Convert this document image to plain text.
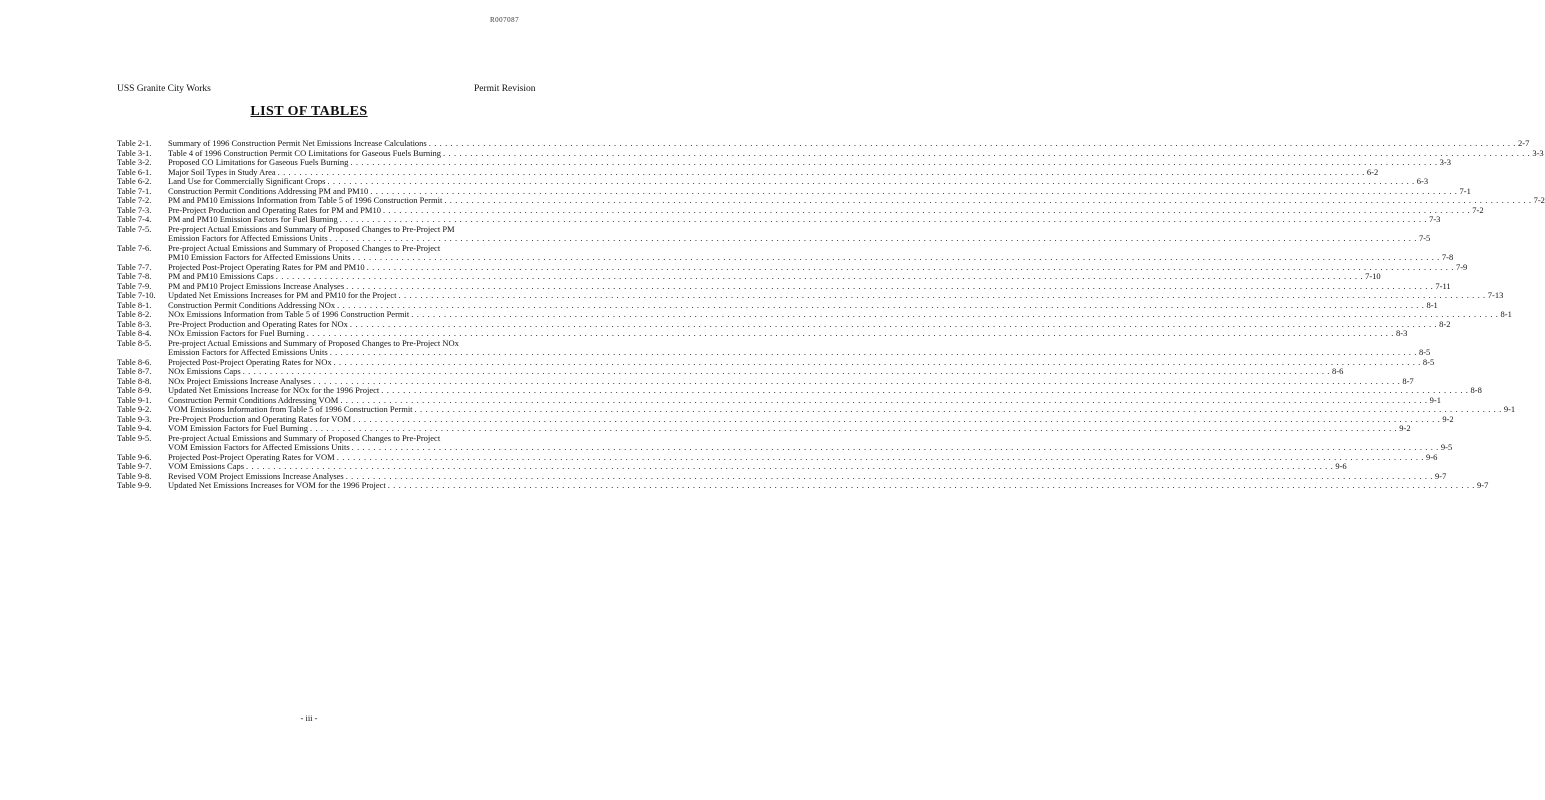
R007087
USS Granite City Works	Permit Revision
LIST OF TABLES
Table 2-1.	Summary of 1996 Construction Permit Net Emissions Increase Calculations . . . . . . . . . . . . . . . . . . . . . . . . . . . . . . . . . . . . . . . . . . . . . . . . . . . . . . . . . . . . . . . . . . . . . . . . . . . . . . . . . . . . . . . . . . . . . . . . . . . . . . . . . . . . . . . . . . . . . . . . . . . . . . . . . . . . . . . . . . . . . . . . . . . . . . . . . . . . . . . . . . . . . . . . . . . . . . . . . . . . . . . . . . . . . . . . . . . . . . . . 2-7
Table 3-1.	Table 4 of 1996 Construction Permit CO Limitations for Gaseous Fuels Burning . . . . . . . . . . . . . . . . . . . . . . . . . . . . . . . . . . . . . . . . . . . . . . . . . . . . . . . . . . . . . . . . . . . . . . . . . . . . . . . . . . . . . . . . . . . . . . . . . . . . . . . . . . . . . . . . . . . . . . . . . . . . . . . . . . . . . . . . . . . . . . . . . . . . . . . . . . . . . . . . . . . . . . . . . . . . . . . . . . . . . . . . . . . . . . . . . . . . . . . . 3-3
Table 3-2.	Proposed CO Limitations for Gaseous Fuels Burning . . . . . . . . . . . . . . . . . . . . . . . . . . . . . . . . . . . . . . . . . . . . . . . . . . . . . . . . . . . . . . . . . . . . . . . . . . . . . . . . . . . . . . . . . . . . . . . . . . . . . . . . . . . . . . . . . . . . . . . . . . . . . . . . . . . . . . . . . . . . . . . . . . . . . . . . . . . . . . . . . . . . . . . . . . . . . . . . . . . . . . . . . . . . . . . . . . . . . . . . 3-3
Table 6-1.	Major Soil Types in Study Area . . . . . . . . . . . . . . . . . . . . . . . . . . . . . . . . . . . . . . . . . . . . . . . . . . . . . . . . . . . . . . . . . . . . . . . . . . . . . . . . . . . . . . . . . . . . . . . . . . . . . . . . . . . . . . . . . . . . . . . . . . . . . . . . . . . . . . . . . . . . . . . . . . . . . . . . . . . . . . . . . . . . . . . . . . . . . . . . . . . . . . . . . . . . . . . . . . . . . . . . 6-2
Table 6-2.	Land Use for Commercially Significant Crops . . . . . . . . . . . . . . . . . . . . . . . . . . . . . . . . . . . . . . . . . . . . . . . . . . . . . . . . . . . . . . . . . . . . . . . . . . . . . . . . . . . . . . . . . . . . . . . . . . . . . . . . . . . . . . . . . . . . . . . . . . . . . . . . . . . . . . . . . . . . . . . . . . . . . . . . . . . . . . . . . . . . . . . . . . . . . . . . . . . . . . . . . . . . . . . . . . . . . . . . 6-3
Table 7-1.	Construction Permit Conditions Addressing PM and PM10 . . . . . . . . . . . . . . . . . . . . . . . . . . . . . . . . . . . . . . . . . . . . . . . . . . . . . . . . . . . . . . . . . . . . . . . . . . . . . . . . . . . . . . . . . . . . . . . . . . . . . . . . . . . . . . . . . . . . . . . . . . . . . . . . . . . . . . . . . . . . . . . . . . . . . . . . . . . . . . . . . . . . . . . . . . . . . . . . . . . . . . . . . . . . . . . . . . . . . . . . 7-1
Table 7-2.	PM and PM10 Emissions Information from Table 5 of 1996 Construction Permit . . . . . . . . . . . . . . . . . . . . . . . . . . . . . . . . . . . . . . . . . . . . . . . . . . . . . . . . . . . . . . . . . . . . . . . . . . . . . . . . . . . . . . . . . . . . . . . . . . . . . . . . . . . . . . . . . . . . . . . . . . . . . . . . . . . . . . . . . . . . . . . . . . . . . . . . . . . . . . . . . . . . . . . . . . . . . . . . . . . . . . . . . . . . . . . . . . . . . . . . 7-2
Table 7-3.	Pre-Project Production and Operating Rates for PM and PM10 . . . . . . . . . . . . . . . . . . . . . . . . . . . . . . . . . . . . . . . . . . . . . . . . . . . . . . . . . . . . . . . . . . . . . . . . . . . . . . . . . . . . . . . . . . . . . . . . . . . . . . . . . . . . . . . . . . . . . . . . . . . . . . . . . . . . . . . . . . . . . . . . . . . . . . . . . . . . . . . . . . . . . . . . . . . . . . . . . . . . . . . . . . . . . . . . . . . . . . . . 7-2
Table 7-4.	PM and PM10 Emission Factors for Fuel Burning . . . . . . . . . . . . . . . . . . . . . . . . . . . . . . . . . . . . . . . . . . . . . . . . . . . . . . . . . . . . . . . . . . . . . . . . . . . . . . . . . . . . . . . . . . . . . . . . . . . . . . . . . . . . . . . . . . . . . . . . . . . . . . . . . . . . . . . . . . . . . . . . . . . . . . . . . . . . . . . . . . . . . . . . . . . . . . . . . . . . . . . . . . . . . . . . . . . . . . . . 7-3
Table 7-5.	Pre-project Actual Emissions and Summary of Proposed Changes to Pre-Project PM
Emission Factors for Affected Emissions Units . . . . . . . . . . . . . . . . . . . . . . . . . . . . . . . . . . . . . . . . . . . . . . . . . . . . . . . . . . . . . . . . . . . . . . . . . . . . . . . . . . . . . . . . . . . . . . . . . . . . . . . . . . . . . . . . . . . . . . . . . . . . . . . . . . . . . . . . . . . . . . . . . . . . . . . . . . . . . . . . . . . . . . . . . . . . . . . . . . . . . . . . . . . . . . . . . . . . . . . . 7-5
Table 7-6.	Pre-project Actual Emissions and Summary of Proposed Changes to Pre-Project
PM10 Emission Factors for Affected Emissions Units . . . . . . . . . . . . . . . . . . . . . . . . . . . . . . . . . . . . . . . . . . . . . . . . . . . . . . . . . . . . . . . . . . . . . . . . . . . . . . . . . . . . . . . . . . . . . . . . . . . . . . . . . . . . . . . . . . . . . . . . . . . . . . . . . . . . . . . . . . . . . . . . . . . . . . . . . . . . . . . . . . . . . . . . . . . . . . . . . . . . . . . . . . . . . . . . . . . . . . . . 7-8
Table 7-7.	Projected Post-Project Operating Rates for PM and PM10 . . . . . . . . . . . . . . . . . . . . . . . . . . . . . . . . . . . . . . . . . . . . . . . . . . . . . . . . . . . . . . . . . . . . . . . . . . . . . . . . . . . . . . . . . . . . . . . . . . . . . . . . . . . . . . . . . . . . . . . . . . . . . . . . . . . . . . . . . . . . . . . . . . . . . . . . . . . . . . . . . . . . . . . . . . . . . . . . . . . . . . . . . . . . . . . . . . . . . . . . 7-9
Table 7-8.	PM and PM10 Emissions Caps . . . . . . . . . . . . . . . . . . . . . . . . . . . . . . . . . . . . . . . . . . . . . . . . . . . . . . . . . . . . . . . . . . . . . . . . . . . . . . . . . . . . . . . . . . . . . . . . . . . . . . . . . . . . . . . . . . . . . . . . . . . . . . . . . . . . . . . . . . . . . . . . . . . . . . . . . . . . . . . . . . . . . . . . . . . . . . . . . . . . . . . . . . . . . . . . . . . . . . . . 7-10
Table 7-9.	PM and PM10 Project Emissions Increase Analyses . . . . . . . . . . . . . . . . . . . . . . . . . . . . . . . . . . . . . . . . . . . . . . . . . . . . . . . . . . . . . . . . . . . . . . . . . . . . . . . . . . . . . . . . . . . . . . . . . . . . . . . . . . . . . . . . . . . . . . . . . . . . . . . . . . . . . . . . . . . . . . . . . . . . . . . . . . . . . . . . . . . . . . . . . . . . . . . . . . . . . . . . . . . . . . . . . . . . . . . . 7-11
Table 7-10.	Updated Net Emissions Increases for PM and PM10 for the Project . . . . . . . . . . . . . . . . . . . . . . . . . . . . . . . . . . . . . . . . . . . . . . . . . . . . . . . . . . . . . . . . . . . . . . . . . . . . . . . . . . . . . . . . . . . . . . . . . . . . . . . . . . . . . . . . . . . . . . . . . . . . . . . . . . . . . . . . . . . . . . . . . . . . . . . . . . . . . . . . . . . . . . . . . . . . . . . . . . . . . . . . . . . . . . . . . . . . . . . . 7-13
Table 8-1.	Construction Permit Conditions Addressing NOx . . . . . . . . . . . . . . . . . . . . . . . . . . . . . . . . . . . . . . . . . . . . . . . . . . . . . . . . . . . . . . . . . . . . . . . . . . . . . . . . . . . . . . . . . . . . . . . . . . . . . . . . . . . . . . . . . . . . . . . . . . . . . . . . . . . . . . . . . . . . . . . . . . . . . . . . . . . . . . . . . . . . . . . . . . . . . . . . . . . . . . . . . . . . . . . . . . . . . . . . 8-1
Table 8-2.	NOx Emissions Information from Table 5 of 1996 Construction Permit . . . . . . . . . . . . . . . . . . . . . . . . . . . . . . . . . . . . . . . . . . . . . . . . . . . . . . . . . . . . . . . . . . . . . . . . . . . . . . . . . . . . . . . . . . . . . . . . . . . . . . . . . . . . . . . . . . . . . . . . . . . . . . . . . . . . . . . . . . . . . . . . . . . . . . . . . . . . . . . . . . . . . . . . . . . . . . . . . . . . . . . . . . . . . . . . . . . . . . . . 8-1
Table 8-3.	Pre-Project Production and Operating Rates for NOx . . . . . . . . . . . . . . . . . . . . . . . . . . . . . . . . . . . . . . . . . . . . . . . . . . . . . . . . . . . . . . . . . . . . . . . . . . . . . . . . . . . . . . . . . . . . . . . . . . . . . . . . . . . . . . . . . . . . . . . . . . . . . . . . . . . . . . . . . . . . . . . . . . . . . . . . . . . . . . . . . . . . . . . . . . . . . . . . . . . . . . . . . . . . . . . . . . . . . . . . 8-2
Table 8-4.	NOx Emission Factors for Fuel Burning . . . . . . . . . . . . . . . . . . . . . . . . . . . . . . . . . . . . . . . . . . . . . . . . . . . . . . . . . . . . . . . . . . . . . . . . . . . . . . . . . . . . . . . . . . . . . . . . . . . . . . . . . . . . . . . . . . . . . . . . . . . . . . . . . . . . . . . . . . . . . . . . . . . . . . . . . . . . . . . . . . . . . . . . . . . . . . . . . . . . . . . . . . . . . . . . . . . . . . . . 8-3
Table 8-5.	Pre-project Actual Emissions and Summary of Proposed Changes to Pre-Project NOx
Emission Factors for Affected Emissions Units . . . . . . . . . . . . . . . . . . . . . . . . . . . . . . . . . . . . . . . . . . . . . . . . . . . . . . . . . . . . . . . . . . . . . . . . . . . . . . . . . . . . . . . . . . . . . . . . . . . . . . . . . . . . . . . . . . . . . . . . . . . . . . . . . . . . . . . . . . . . . . . . . . . . . . . . . . . . . . . . . . . . . . . . . . . . . . . . . . . . . . . . . . . . . . . . . . . . . . . . 8-5
Table 8-6.	Projected Post-Project Operating Rates for NOx . . . . . . . . . . . . . . . . . . . . . . . . . . . . . . . . . . . . . . . . . . . . . . . . . . . . . . . . . . . . . . . . . . . . . . . . . . . . . . . . . . . . . . . . . . . . . . . . . . . . . . . . . . . . . . . . . . . . . . . . . . . . . . . . . . . . . . . . . . . . . . . . . . . . . . . . . . . . . . . . . . . . . . . . . . . . . . . . . . . . . . . . . . . . . . . . . . . . . . . . 8-5
Table 8-7.	NOx Emissions Caps . . . . . . . . . . . . . . . . . . . . . . . . . . . . . . . . . . . . . . . . . . . . . . . . . . . . . . . . . . . . . . . . . . . . . . . . . . . . . . . . . . . . . . . . . . . . . . . . . . . . . . . . . . . . . . . . . . . . . . . . . . . . . . . . . . . . . . . . . . . . . . . . . . . . . . . . . . . . . . . . . . . . . . . . . . . . . . . . . . . . . . . . . . . . . . . . . . . . . . . . 8-6
Table 8-8.	NOx Project Emissions Increase Analyses . . . . . . . . . . . . . . . . . . . . . . . . . . . . . . . . . . . . . . . . . . . . . . . . . . . . . . . . . . . . . . . . . . . . . . . . . . . . . . . . . . . . . . . . . . . . . . . . . . . . . . . . . . . . . . . . . . . . . . . . . . . . . . . . . . . . . . . . . . . . . . . . . . . . . . . . . . . . . . . . . . . . . . . . . . . . . . . . . . . . . . . . . . . . . . . . . . . . . . . . 8-7
Table 8-9.	Updated Net Emissions Increase for NOx for the 1996 Project . . . . . . . . . . . . . . . . . . . . . . . . . . . . . . . . . . . . . . . . . . . . . . . . . . . . . . . . . . . . . . . . . . . . . . . . . . . . . . . . . . . . . . . . . . . . . . . . . . . . . . . . . . . . . . . . . . . . . . . . . . . . . . . . . . . . . . . . . . . . . . . . . . . . . . . . . . . . . . . . . . . . . . . . . . . . . . . . . . . . . . . . . . . . . . . . . . . . . . . . 8-8
Table 9-1.	Construction Permit Conditions Addressing VOM . . . . . . . . . . . . . . . . . . . . . . . . . . . . . . . . . . . . . . . . . . . . . . . . . . . . . . . . . . . . . . . . . . . . . . . . . . . . . . . . . . . . . . . . . . . . . . . . . . . . . . . . . . . . . . . . . . . . . . . . . . . . . . . . . . . . . . . . . . . . . . . . . . . . . . . . . . . . . . . . . . . . . . . . . . . . . . . . . . . . . . . . . . . . . . . . . . . . . . . . 9-1
Table 9-2.	VOM Emissions Information from Table 5 of 1996 Construction Permit . . . . . . . . . . . . . . . . . . . . . . . . . . . . . . . . . . . . . . . . . . . . . . . . . . . . . . . . . . . . . . . . . . . . . . . . . . . . . . . . . . . . . . . . . . . . . . . . . . . . . . . . . . . . . . . . . . . . . . . . . . . . . . . . . . . . . . . . . . . . . . . . . . . . . . . . . . . . . . . . . . . . . . . . . . . . . . . . . . . . . . . . . . . . . . . . . . . . . . . . 9-1
Table 9-3.	Pre-Project Production and Operating Rates for VOM . . . . . . . . . . . . . . . . . . . . . . . . . . . . . . . . . . . . . . . . . . . . . . . . . . . . . . . . . . . . . . . . . . . . . . . . . . . . . . . . . . . . . . . . . . . . . . . . . . . . . . . . . . . . . . . . . . . . . . . . . . . . . . . . . . . . . . . . . . . . . . . . . . . . . . . . . . . . . . . . . . . . . . . . . . . . . . . . . . . . . . . . . . . . . . . . . . . . . . . . 9-2
Table 9-4.	VOM Emission Factors for Fuel Burning . . . . . . . . . . . . . . . . . . . . . . . . . . . . . . . . . . . . . . . . . . . . . . . . . . . . . . . . . . . . . . . . . . . . . . . . . . . . . . . . . . . . . . . . . . . . . . . . . . . . . . . . . . . . . . . . . . . . . . . . . . . . . . . . . . . . . . . . . . . . . . . . . . . . . . . . . . . . . . . . . . . . . . . . . . . . . . . . . . . . . . . . . . . . . . . . . . . . . . . . 9-2
Table 9-5.	Pre-project Actual Emissions and Summary of Proposed Changes to Pre-Project
VOM Emission Factors for Affected Emissions Units . . . . . . . . . . . . . . . . . . . . . . . . . . . . . . . . . . . . . . . . . . . . . . . . . . . . . . . . . . . . . . . . . . . . . . . . . . . . . . . . . . . . . . . . . . . . . . . . . . . . . . . . . . . . . . . . . . . . . . . . . . . . . . . . . . . . . . . . . . . . . . . . . . . . . . . . . . . . . . . . . . . . . . . . . . . . . . . . . . . . . . . . . . . . . . . . . . . . . . . . 9-5
Table 9-6.	Projected Post-Project Operating Rates for VOM . . . . . . . . . . . . . . . . . . . . . . . . . . . . . . . . . . . . . . . . . . . . . . . . . . . . . . . . . . . . . . . . . . . . . . . . . . . . . . . . . . . . . . . . . . . . . . . . . . . . . . . . . . . . . . . . . . . . . . . . . . . . . . . . . . . . . . . . . . . . . . . . . . . . . . . . . . . . . . . . . . . . . . . . . . . . . . . . . . . . . . . . . . . . . . . . . . . . . . . . 9-6
Table 9-7.	VOM Emissions Caps . . . . . . . . . . . . . . . . . . . . . . . . . . . . . . . . . . . . . . . . . . . . . . . . . . . . . . . . . . . . . . . . . . . . . . . . . . . . . . . . . . . . . . . . . . . . . . . . . . . . . . . . . . . . . . . . . . . . . . . . . . . . . . . . . . . . . . . . . . . . . . . . . . . . . . . . . . . . . . . . . . . . . . . . . . . . . . . . . . . . . . . . . . . . . . . . . . . . . . . . 9-6
Table 9-8.	Revised VOM Project Emissions Increase Analyses . . . . . . . . . . . . . . . . . . . . . . . . . . . . . . . . . . . . . . . . . . . . . . . . . . . . . . . . . . . . . . . . . . . . . . . . . . . . . . . . . . . . . . . . . . . . . . . . . . . . . . . . . . . . . . . . . . . . . . . . . . . . . . . . . . . . . . . . . . . . . . . . . . . . . . . . . . . . . . . . . . . . . . . . . . . . . . . . . . . . . . . . . . . . . . . . . . . . . . . . 9-7
Table 9-9.	Updated Net Emissions Increases for VOM for the 1996 Project . . . . . . . . . . . . . . . . . . . . . . . . . . . . . . . . . . . . . . . . . . . . . . . . . . . . . . . . . . . . . . . . . . . . . . . . . . . . . . . . . . . . . . . . . . . . . . . . . . . . . . . . . . . . . . . . . . . . . . . . . . . . . . . . . . . . . . . . . . . . . . . . . . . . . . . . . . . . . . . . . . . . . . . . . . . . . . . . . . . . . . . . . . . . . . . . . . . . . . . . 9-7
- iii -
